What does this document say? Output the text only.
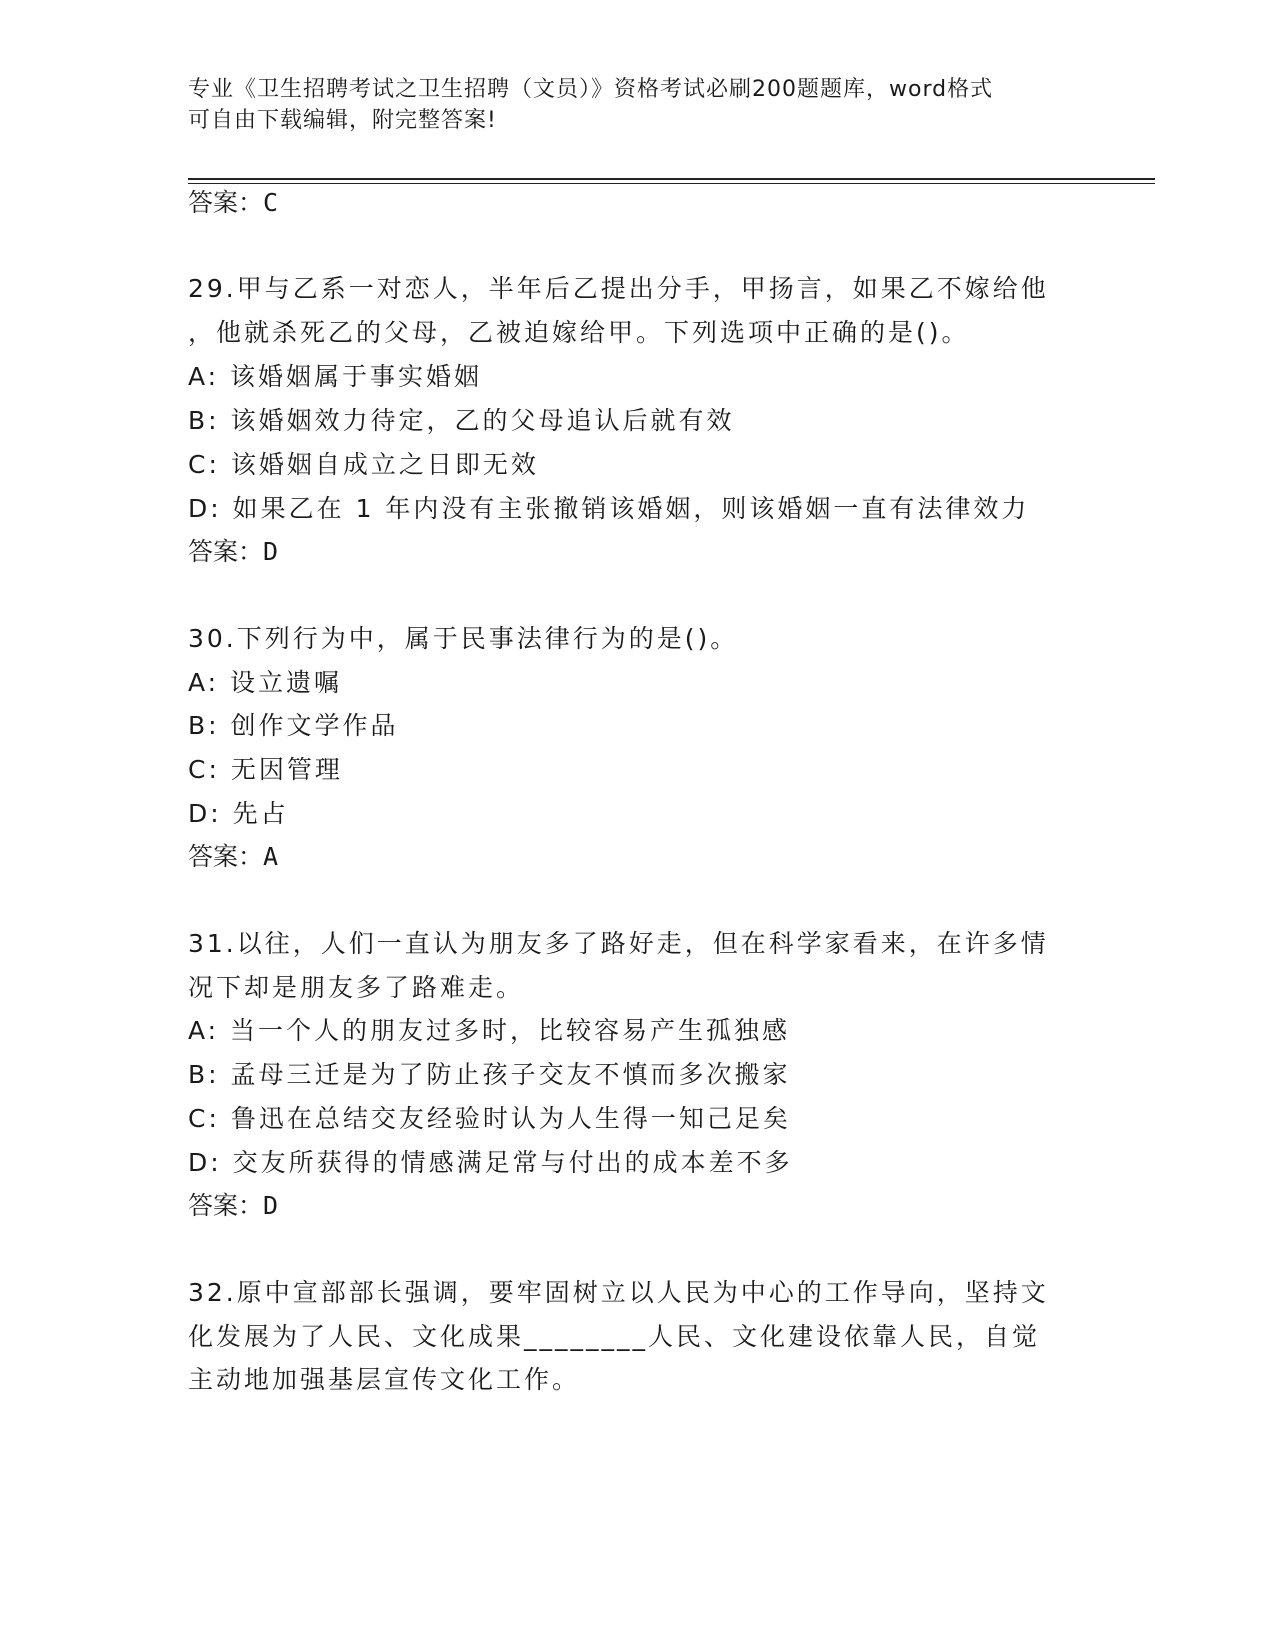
专业《卫生招聘考试之卫生招聘（文员）》资格考试必刷200题题库，word格式
可自由下载编辑，附完整答案!
答案：C
29.甲与乙系一对恋人，半年后乙提出分手，甲扬言，如果乙不嫁给他
，他就杀死乙的父母，乙被迫嫁给甲。下列选项中正确的是()。
A: 该婚姻属于事实婚姻
B: 该婚姻效力待定，乙的父母追认后就有效
C: 该婚姻自成立之日即无效
D: 如果乙在 1 年内没有主张撤销该婚姻，则该婚姻一直有法律效力
答案：D
30.下列行为中，属于民事法律行为的是()。
A: 设立遗嘱
B: 创作文学作品
C: 无因管理
D: 先占
答案：A
31.以往，人们一直认为朋友多了路好走，但在科学家看来，在许多情
况下却是朋友多了路难走。
A: 当一个人的朋友过多时，比较容易产生孤独感
B: 孟母三迁是为了防止孩子交友不慎而多次搬家
C: 鲁迅在总结交友经验时认为人生得一知己足矣
D: 交友所获得的情感满足常与付出的成本差不多
答案：D
32.原中宣部部长强调，要牢固树立以人民为中心的工作导向，坚持文
化发展为了人民、文化成果________人民、文化建设依靠人民，自觉
主动地加强基层宣传文化工作。
